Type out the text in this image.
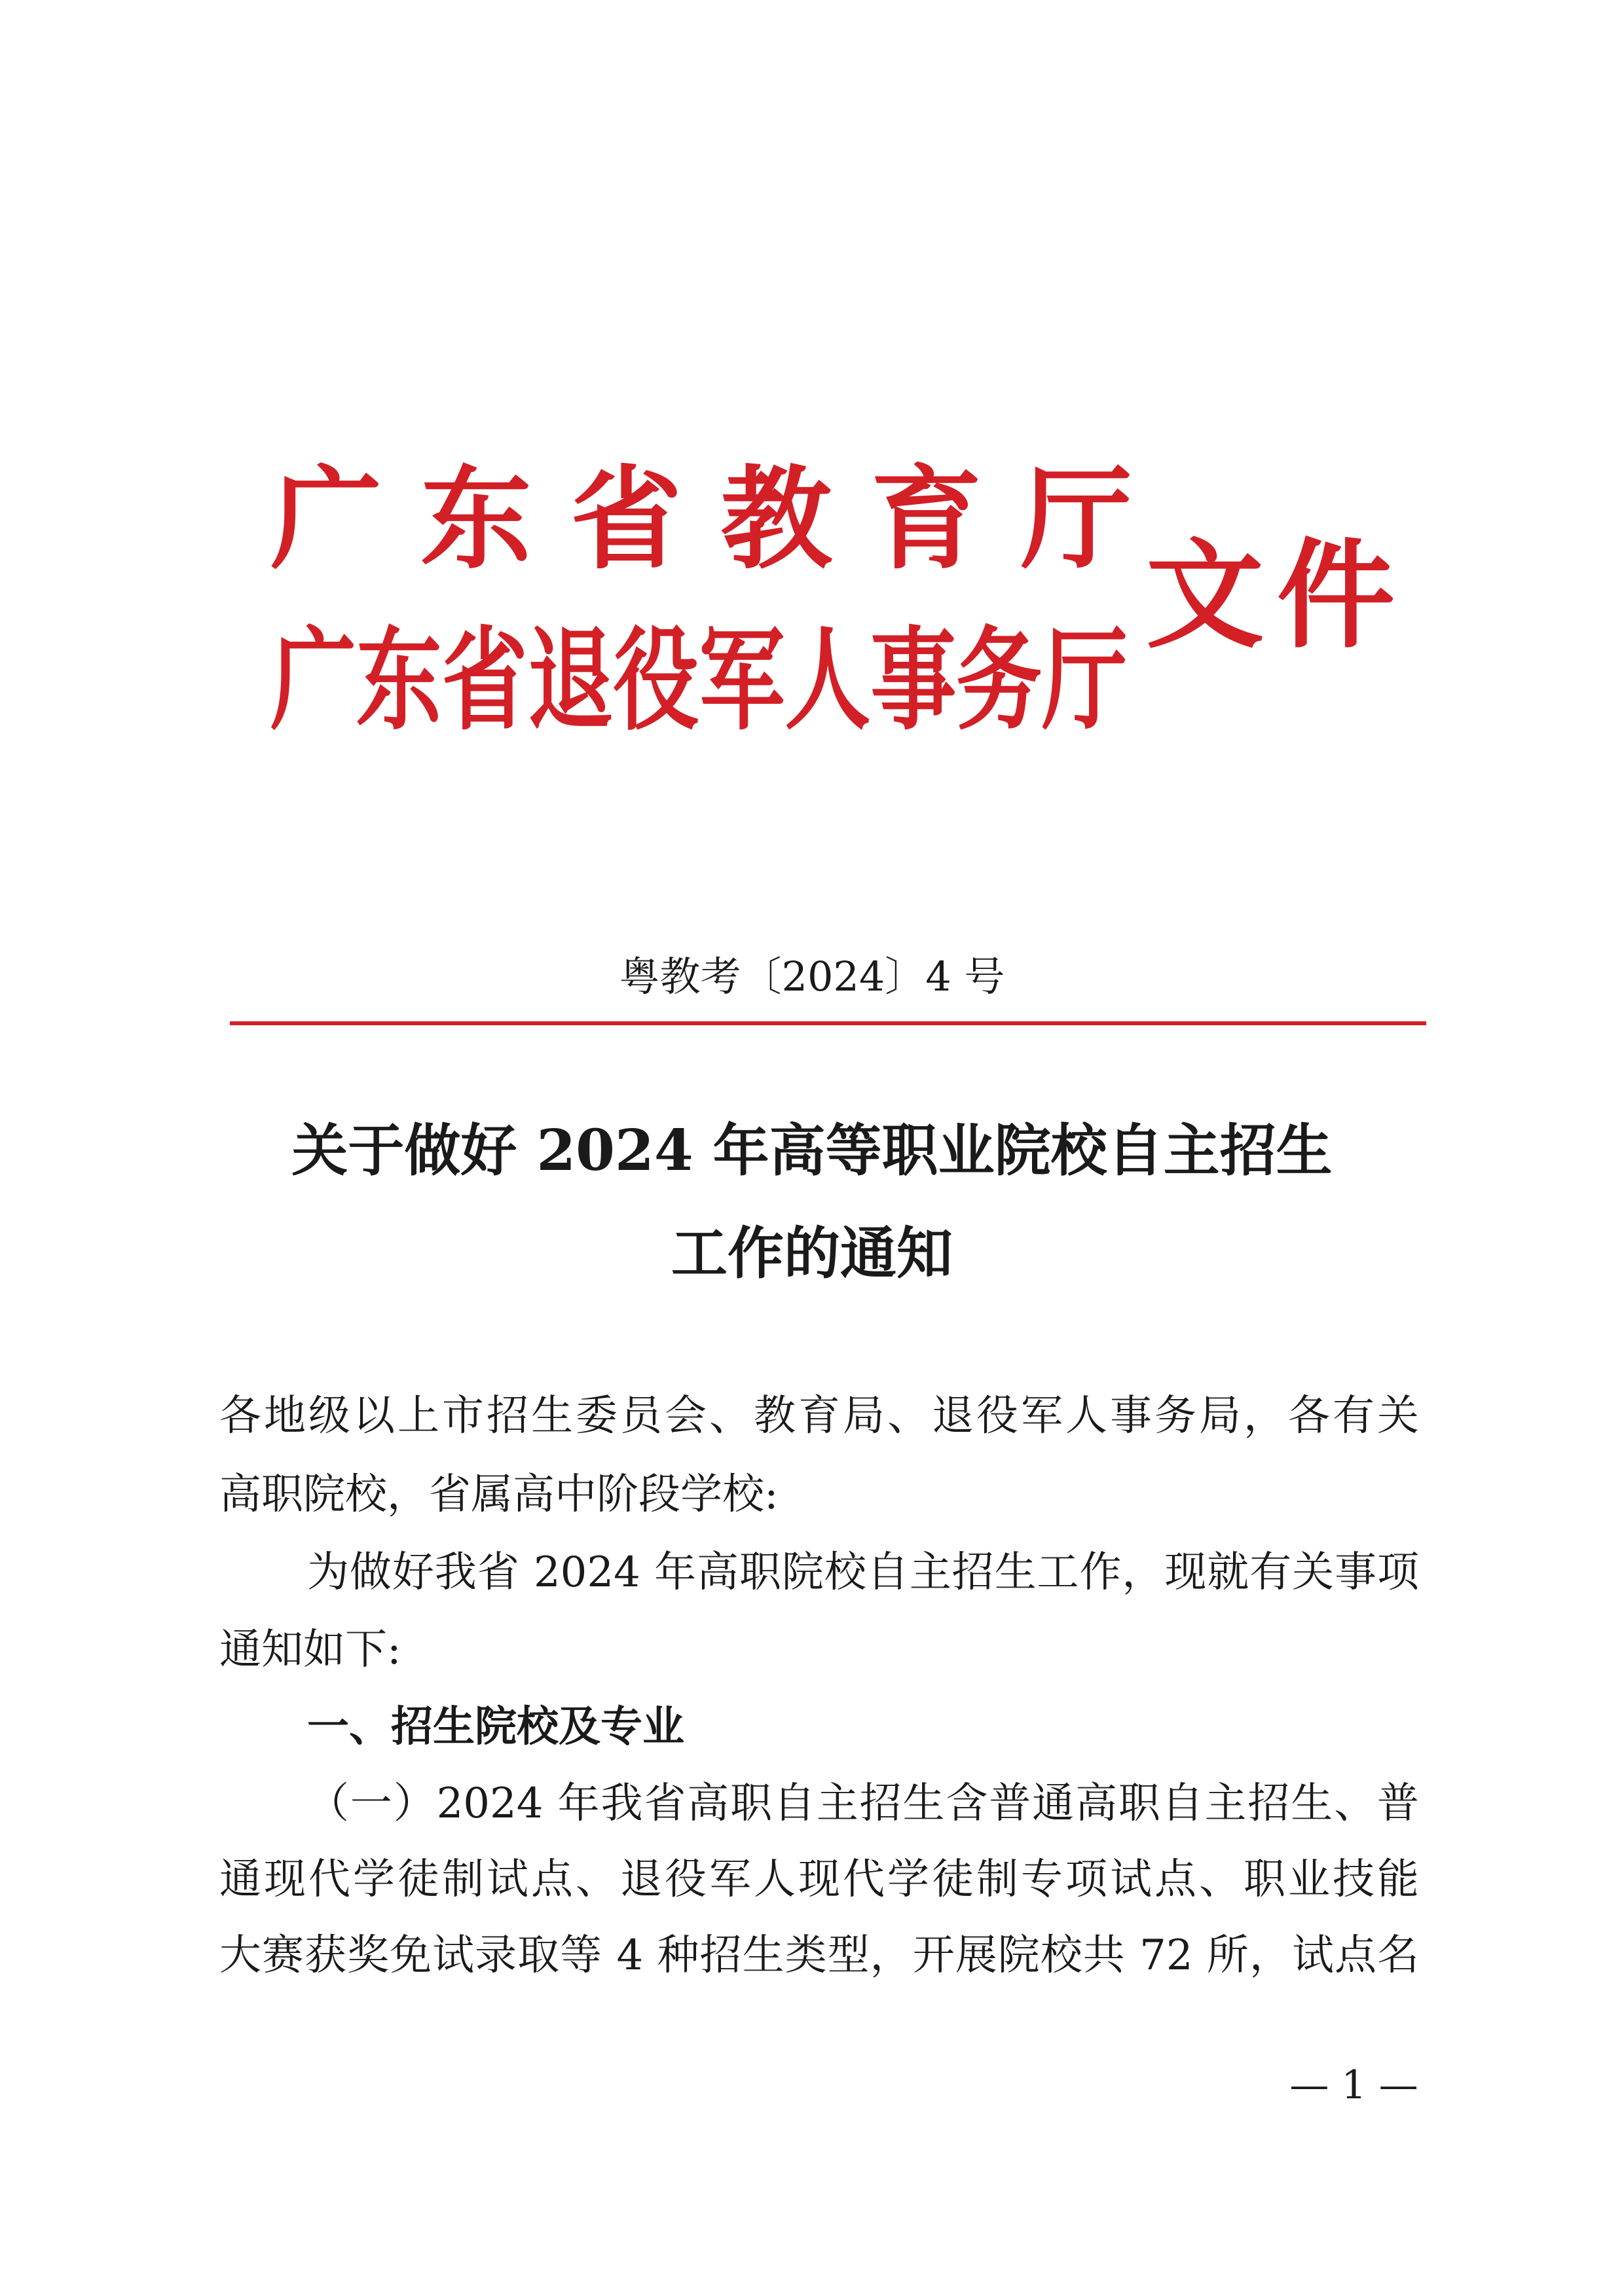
广 东 省 教 育 厅
广东省退役军人事务厅
文件
粤教考〔2024〕4 号
关于做好 2024 年高等职业院校自主招生
工作的通知
各地级以上市招生委员会、教育局、退役军人事务局，各有关
高职院校，省属高中阶段学校:
为做好我省 2024 年高职院校自主招生工作，现就有关事项
通知如下:
一、招生院校及专业
（一）2024 年我省高职自主招生含普通高职自主招生、普
通现代学徒制试点、退役军人现代学徒制专项试点、职业技能
大赛获奖免试录取等 4 种招生类型，开展院校共 72 所，试点名
— 1 —
